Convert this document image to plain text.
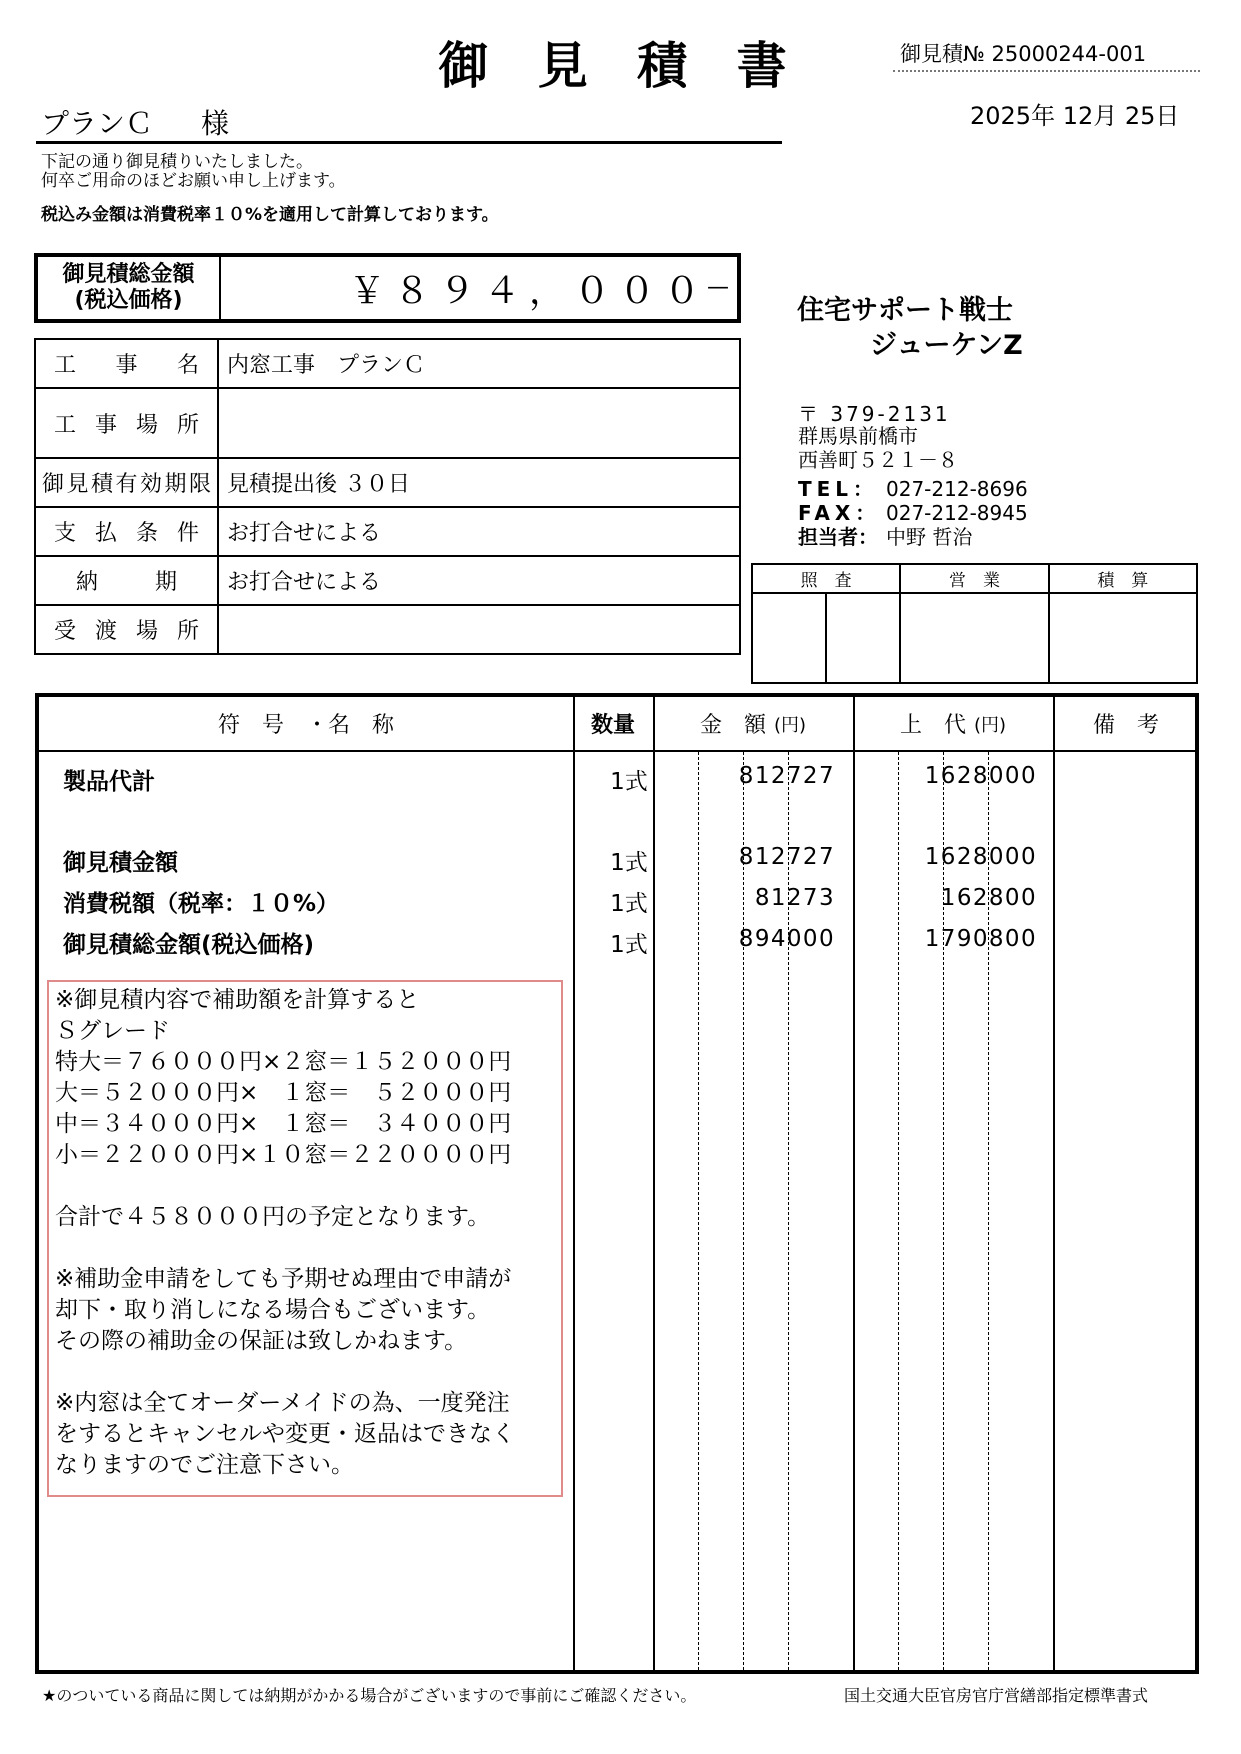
御 見 積 書	御見積№ 25000244-001
2025年 12月 25日
プランＣ 様
下記の通り御見積りいたしました。
何卒ご用命のほどお願い申し上げます。
税込み金額は消費税率１０%を適用して計算しております。
御見積総金額
(税込価格)	￥８９４，０００
—
工事名	内窓工事　プランＣ
工事場所	
御見積有効期限	見積提出後 ３０日
支払条件	お打合せによる
納期	お打合せによる
受渡場所	
住宅サポート戦士
ジューケンZ
〒 379-2131
群馬県前橋市
西善町５２１－８
TEL： 027-212-8696
FAX： 027-212-8945
担当者： 中野 哲治
照　査		営　業	積　算

符　号　・名　称	数量	金　額 (円)	上　代 (円)	備　考
製品代計	1式	812727	1628000
御見積金額	1式	812727	1628000
消費税額（税率：１０%）	1式	81273	162800
御見積総金額(税込価格)	1式	894000	1790800
※御見積内容で補助額を計算すると
Ｓグレード
特大＝７６０００円×２窓＝１５２０００円
大＝５２０００円×　１窓＝　５２０００円
中＝３４０００円×　１窓＝　３４０００円
小＝２２０００円×１０窓＝２２００００円

合計で４５８０００円の予定となります。

※補助金申請をしても予期せぬ理由で申請が
却下・取り消しになる場合もございます。
その際の補助金の保証は致しかねます。

※内窓は全てオーダーメイドの為、一度発注
をするとキャンセルや変更・返品はできなく
なりますのでご注意下さい。
★のついている商品に関しては納期がかかる場合がございますので事前にご確認ください。	国土交通大臣官房官庁営繕部指定標準書式
